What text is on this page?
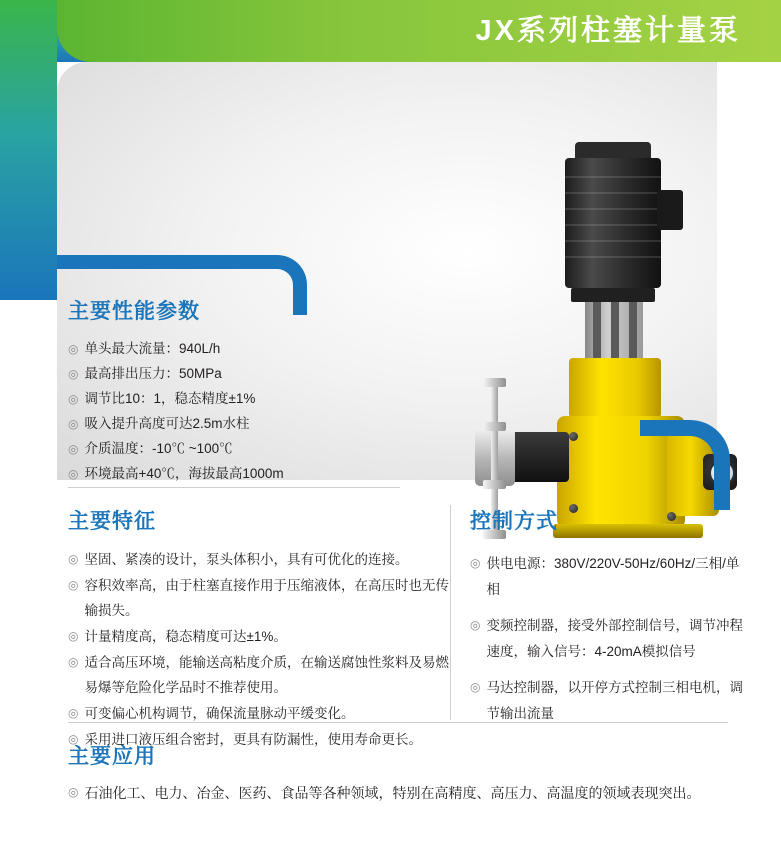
JX系列柱塞计量泵
主要性能参数
◎ 单头最大流量：940L/h
◎ 最高排出压力：50MPa
◎ 调节比10：1，稳态精度±1%
◎ 吸入提升高度可达2.5m水柱
◎ 介质温度：-10℃ ~100℃
◎ 环境最高+40℃，海拔最高1000m
主要特征
◎ 坚固、紧凑的设计，泵头体积小，具有可优化的连接。
◎ 容积效率高，由于柱塞直接作用于压缩液体，在高压时也无传输损失。
◎ 计量精度高，稳态精度可达±1%。
◎ 适合高压环境，能输送高粘度介质，在输送腐蚀性浆料及易燃易爆等危险化学品时不推荐使用。
◎ 可变偏心机构调节，确保流量脉动平缓变化。
◎ 采用进口液压组合密封，更具有防漏性，使用寿命更长。
控制方式
◎ 供电电源：380V/220V-50Hz/60Hz/三相/单相
◎ 变频控制器，接受外部控制信号，调节冲程速度，输入信号：4-20mA模拟信号
◎ 马达控制器，以开停方式控制三相电机，调节输出流量
主要应用
◎ 石油化工、电力、冶金、医药、食品等各种领域，特别在高精度、高压力、高温度的领域表现突出。
